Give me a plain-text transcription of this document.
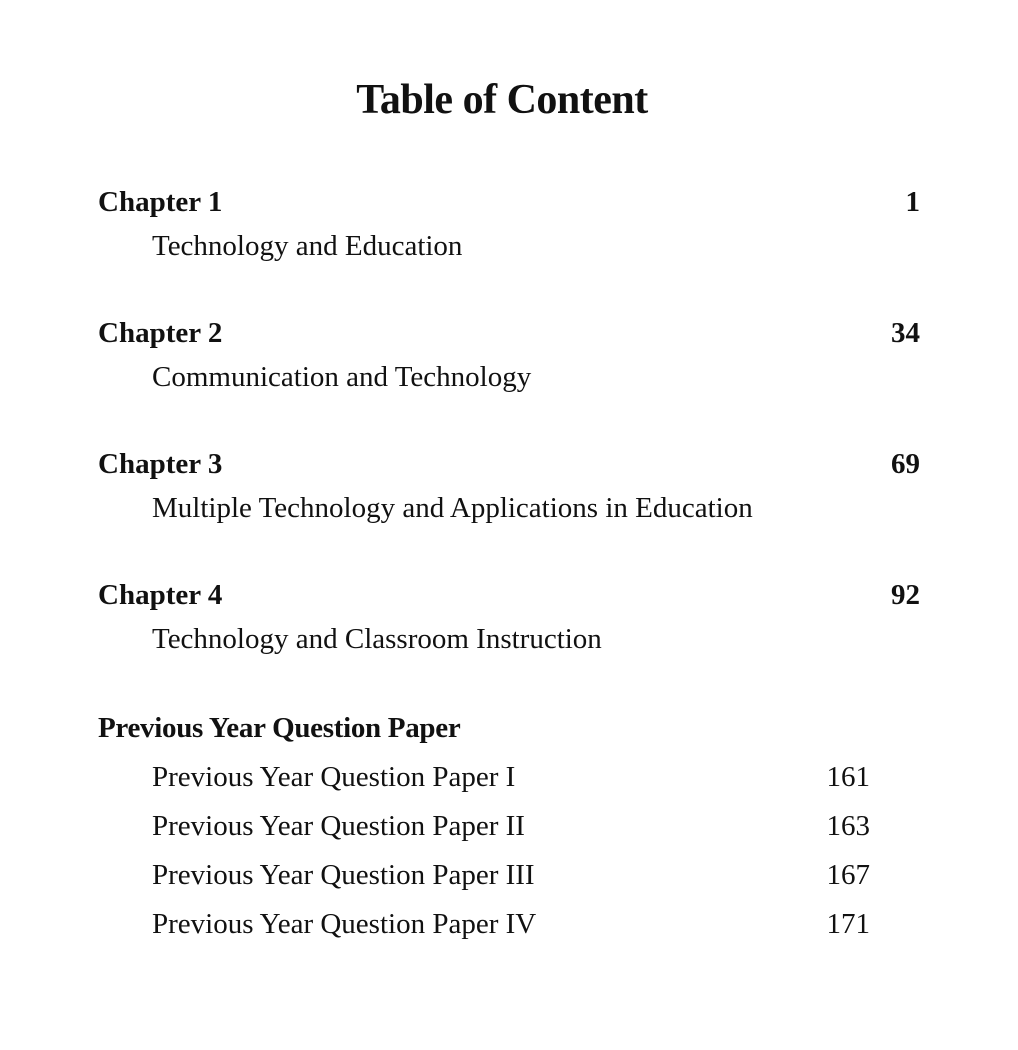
Table of Content
Chapter 1	1
Technology and Education
Chapter 2	34
Communication and Technology
Chapter 3	69
Multiple Technology and Applications in Education
Chapter 4	92
Technology and Classroom Instruction
Previous Year Question Paper
Previous Year Question Paper I	161
Previous Year Question Paper II	163
Previous Year Question Paper III	167
Previous Year Question Paper IV	171
